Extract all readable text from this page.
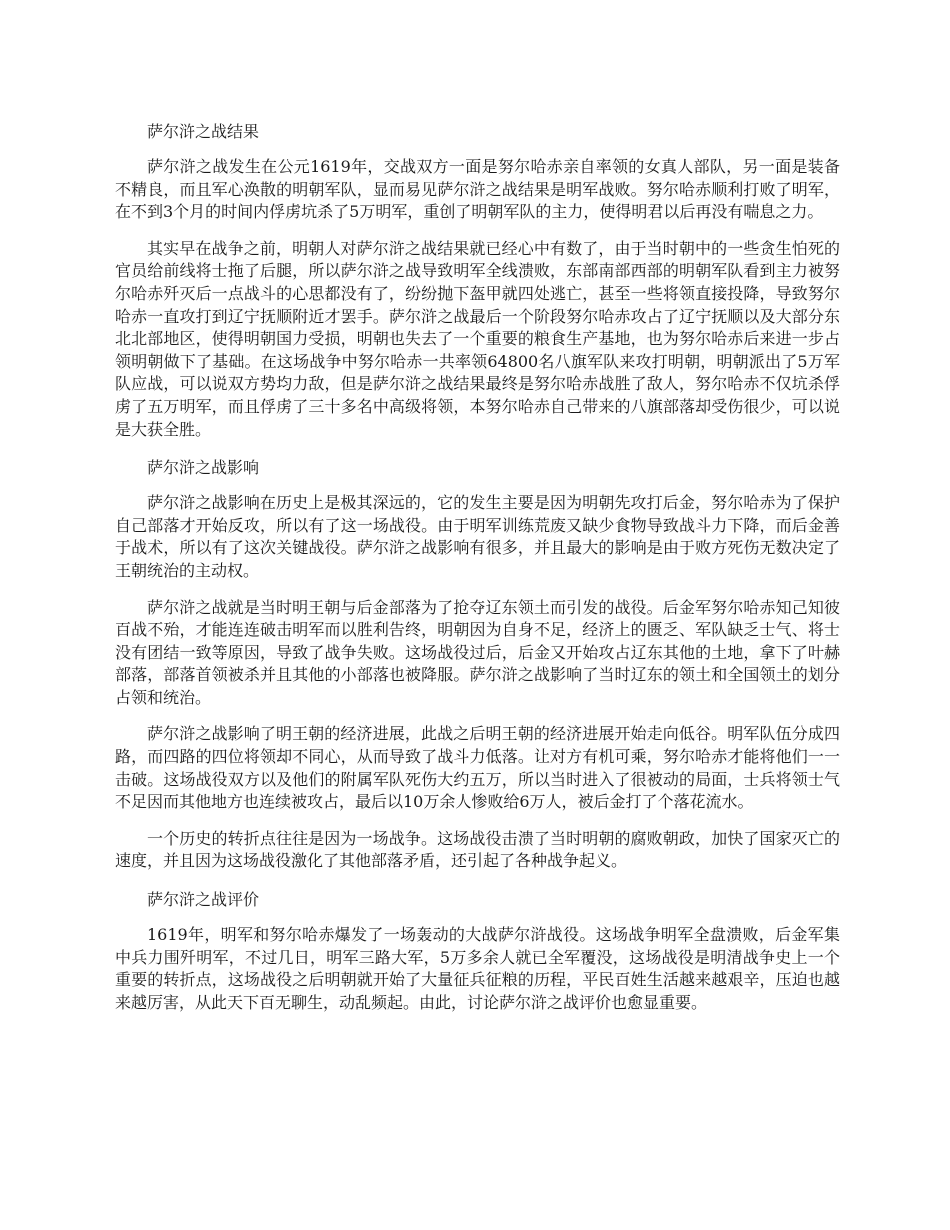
萨尔浒之战结果

萨尔浒之战发生在公元1619年，交战双方一面是努尔哈赤亲自率领的女真人部队，另一面是装备不精良，而且军心涣散的明朝军队，显而易见萨尔浒之战结果是明军战败。努尔哈赤顺利打败了明军，在不到3个月的时间内俘虏坑杀了5万明军，重创了明朝军队的主力，使得明君以后再没有喘息之力。

其实早在战争之前，明朝人对萨尔浒之战结果就已经心中有数了，由于当时朝中的一些贪生怕死的官员给前线将士拖了后腿，所以萨尔浒之战导致明军全线溃败，东部南部西部的明朝军队看到主力被努尔哈赤歼灭后一点战斗的心思都没有了，纷纷抛下盔甲就四处逃亡，甚至一些将领直接投降，导致努尔哈赤一直攻打到辽宁抚顺附近才罢手。萨尔浒之战最后一个阶段努尔哈赤攻占了辽宁抚顺以及大部分东北北部地区，使得明朝国力受损，明朝也失去了一个重要的粮食生产基地，也为努尔哈赤后来进一步占领明朝做下了基础。在这场战争中努尔哈赤一共率领64800名八旗军队来攻打明朝，明朝派出了5万军队应战，可以说双方势均力敌，但是萨尔浒之战结果最终是努尔哈赤战胜了敌人，努尔哈赤不仅坑杀俘虏了五万明军，而且俘虏了三十多名中高级将领，本努尔哈赤自己带来的八旗部落却受伤很少，可以说是大获全胜。

萨尔浒之战影响

萨尔浒之战影响在历史上是极其深远的，它的发生主要是因为明朝先攻打后金，努尔哈赤为了保护自己部落才开始反攻，所以有了这一场战役。由于明军训练荒废又缺少食物导致战斗力下降，而后金善于战术，所以有了这次关键战役。萨尔浒之战影响有很多，并且最大的影响是由于败方死伤无数决定了王朝统治的主动权。

萨尔浒之战就是当时明王朝与后金部落为了抢夺辽东领土而引发的战役。后金军努尔哈赤知己知彼百战不殆，才能连连破击明军而以胜利告终，明朝因为自身不足，经济上的匮乏、军队缺乏士气、将士没有团结一致等原因，导致了战争失败。这场战役过后，后金又开始攻占辽东其他的土地，拿下了叶赫部落，部落首领被杀并且其他的小部落也被降服。萨尔浒之战影响了当时辽东的领土和全国领土的划分占领和统治。

萨尔浒之战影响了明王朝的经济进展，此战之后明王朝的经济进展开始走向低谷。明军队伍分成四路，而四路的四位将领却不同心，从而导致了战斗力低落。让对方有机可乘，努尔哈赤才能将他们一一击破。这场战役双方以及他们的附属军队死伤大约五万，所以当时进入了很被动的局面，士兵将领士气不足因而其他地方也连续被攻占，最后以10万余人惨败给6万人，被后金打了个落花流水。

一个历史的转折点往往是因为一场战争。这场战役击溃了当时明朝的腐败朝政，加快了国家灭亡的速度，并且因为这场战役激化了其他部落矛盾，还引起了各种战争起义。

萨尔浒之战评价

1619年，明军和努尔哈赤爆发了一场轰动的大战萨尔浒战役。这场战争明军全盘溃败，后金军集中兵力围歼明军，不过几日，明军三路大军，5万多余人就已全军覆没，这场战役是明清战争史上一个重要的转折点，这场战役之后明朝就开始了大量征兵征粮的历程，平民百姓生活越来越艰辛，压迫也越来越厉害，从此天下百无聊生，动乱频起。由此，讨论萨尔浒之战评价也愈显重要。
